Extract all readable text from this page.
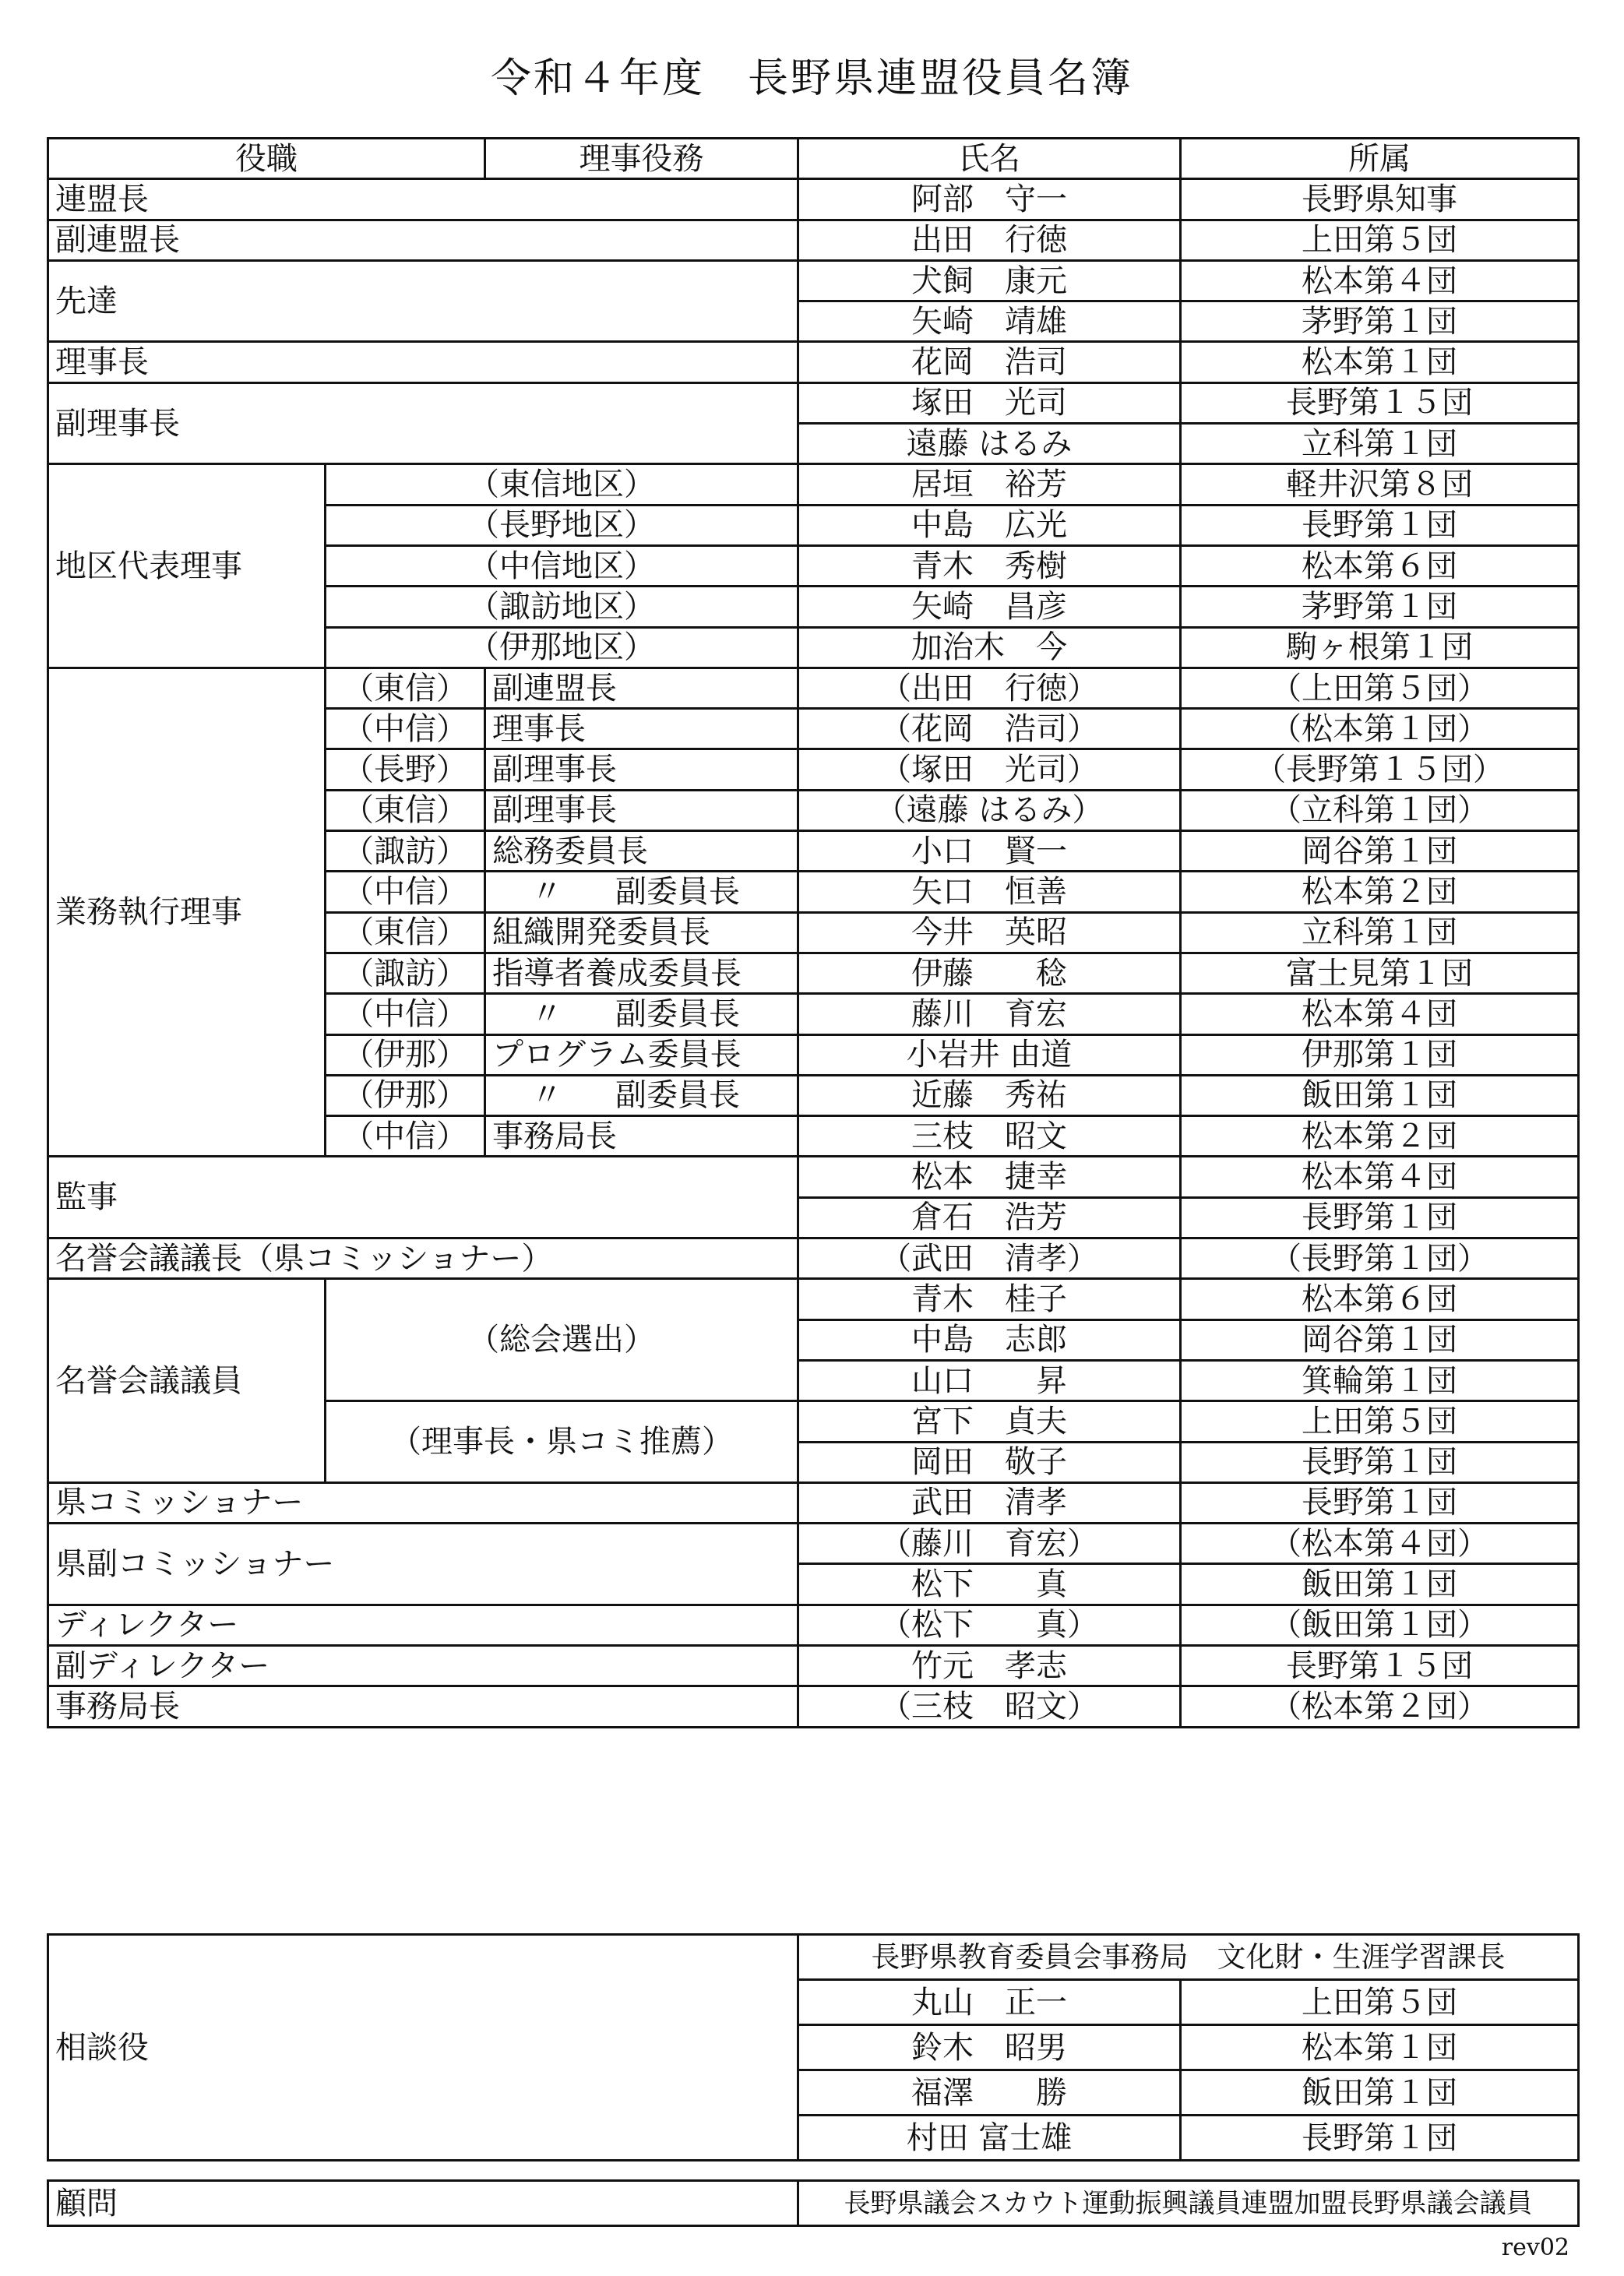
令和４年度　長野県連盟役員名簿
役職		理事役務	氏名	所属
連盟長			阿部　守一	長野県知事
副連盟長			出田　行徳	上田第５団
先達			犬飼　康元	松本第４団
			矢崎　靖雄	茅野第１団
理事長			花岡　浩司	松本第１団
副理事長			塚田　光司	長野第１５団
			遠藤 はるみ	立科第１団
地区代表理事	（東信地区）		居垣　裕芳	軽井沢第８団
	（長野地区）		中島　広光	長野第１団
	（中信地区）		青木　秀樹	松本第６団
	（諏訪地区）		矢崎　昌彦	茅野第１団
	（伊那地区）		加治木　今	駒ヶ根第１団
業務執行理事	（東信）	副連盟長	（出田　行徳）	（上田第５団）
	（中信）	理事長	（花岡　浩司）	（松本第１団）
	（長野）	副理事長	（塚田　光司）	（長野第１５団）
	（東信）	副理事長	（遠藤 はるみ）	（立科第１団）
	（諏訪）	総務委員長	小口　賢一	岡谷第１団
	（中信）	〃 副委員長	矢口　恒善	松本第２団
	（東信）	組織開発委員長	今井　英昭	立科第１団
	（諏訪）	指導者養成委員長	伊藤　　稔	富士見第１団
	（中信）	〃 副委員長	藤川　育宏	松本第４団
	（伊那）	プログラム委員長	小岩井 由道	伊那第１団
	（伊那）	〃 副委員長	近藤　秀祐	飯田第１団
	（中信）	事務局長	三枝　昭文	松本第２団
監事			松本　捷幸	松本第４団
			倉石　浩芳	長野第１団
名誉会議議長（県コミッショナー）			（武田　清孝）	（長野第１団）
名誉会議議員	（総会選出）		青木　桂子	松本第６団
			中島　志郎	岡谷第１団
			山口　　昇	箕輪第１団
	（理事長・県コミ推薦）		宮下　貞夫	上田第５団
			岡田　敬子	長野第１団
県コミッショナー			武田　清孝	長野第１団
県副コミッショナー			（藤川　育宏）	（松本第４団）
			松下　　真	飯田第１団
ディレクター			（松下　　真）	（飯田第１団）
副ディレクター			竹元　孝志	長野第１５団
事務局長			（三枝　昭文）	（松本第２団）
相談役	長野県教育委員会事務局　文化財・生涯学習課長	
	丸山　正一	上田第５団
	鈴木　昭男	松本第１団
	福澤　　勝	飯田第１団
	村田 富士雄	長野第１団
顧問	長野県議会スカウト運動振興議員連盟加盟長野県議会議員
rev02
